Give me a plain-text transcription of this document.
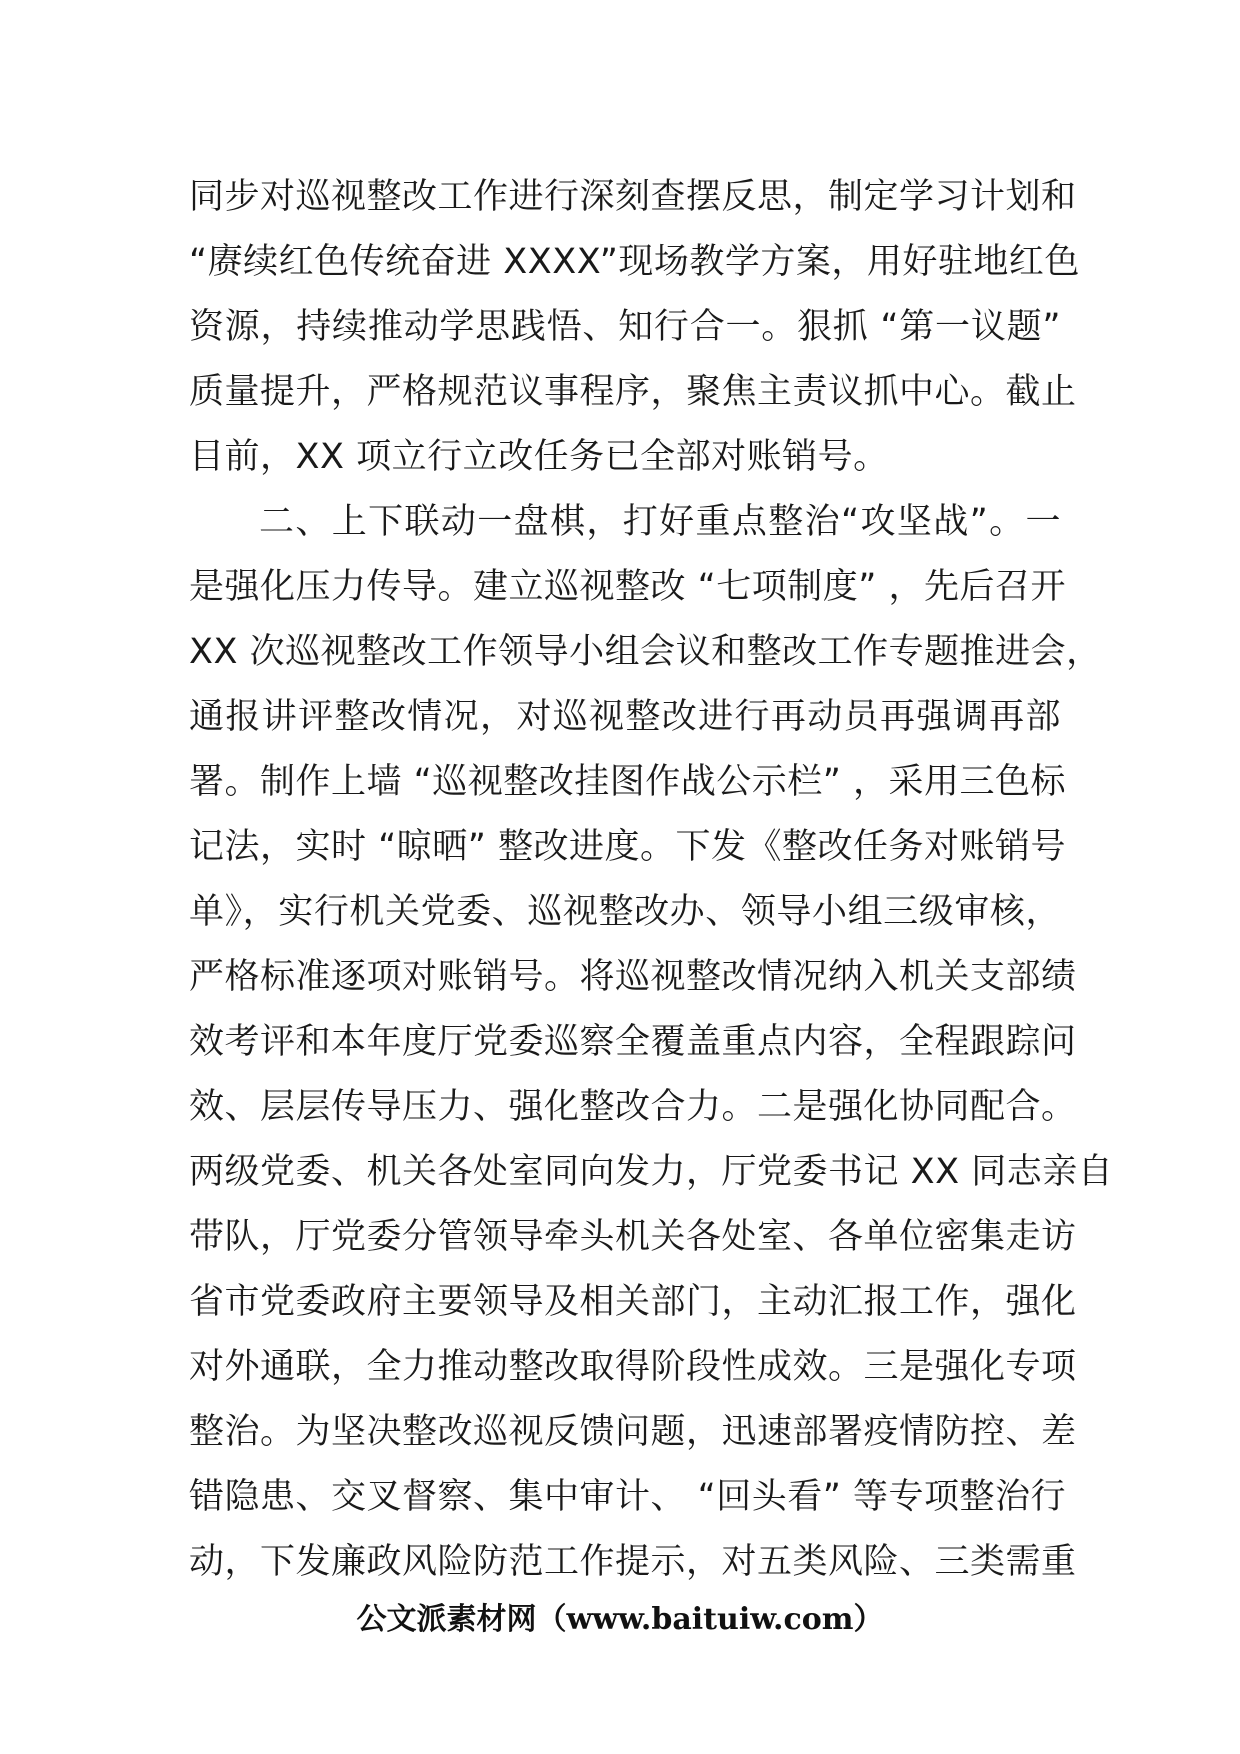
同步对巡视整改工作进行深刻查摆反思，制定学习计划和
“赓续红色传统奋进 XXXX”现场教学方案，用好驻地红色
资源，持续推动学思践悟、知行合一。狠抓 “第一议题”
质量提升，严格规范议事程序，聚焦主责议抓中心。截止
目前，XX 项立行立改任务已全部对账销号。
二、上下联动一盘棋，打好重点整治“攻坚战”。一
是强化压力传导。建立巡视整改 “七项制度” ，先后召开
XX 次巡视整改工作领导小组会议和整改工作专题推进会，
通报讲评整改情况，对巡视整改进行再动员再强调再部
署。制作上墙 “巡视整改挂图作战公示栏” ，采用三色标
记法，实时 “晾晒” 整改进度。下发《整改任务对账销号
单》，实行机关党委、巡视整改办、领导小组三级审核，
严格标准逐项对账销号。将巡视整改情况纳入机关支部绩
效考评和本年度厅党委巡察全覆盖重点内容，全程跟踪问
效、层层传导压力、强化整改合力。二是强化协同配合。
两级党委、机关各处室同向发力，厅党委书记 XX 同志亲自
带队，厅党委分管领导牵头机关各处室、各单位密集走访
省市党委政府主要领导及相关部门，主动汇报工作，强化
对外通联，全力推动整改取得阶段性成效。三是强化专项
整治。为坚决整改巡视反馈问题，迅速部署疫情防控、差
错隐患、交叉督察、集中审计、 “回头看” 等专项整治行
动，下发廉政风险防范工作提示，对五类风险、三类需重
公文派素材网（www.baituiw.com）
